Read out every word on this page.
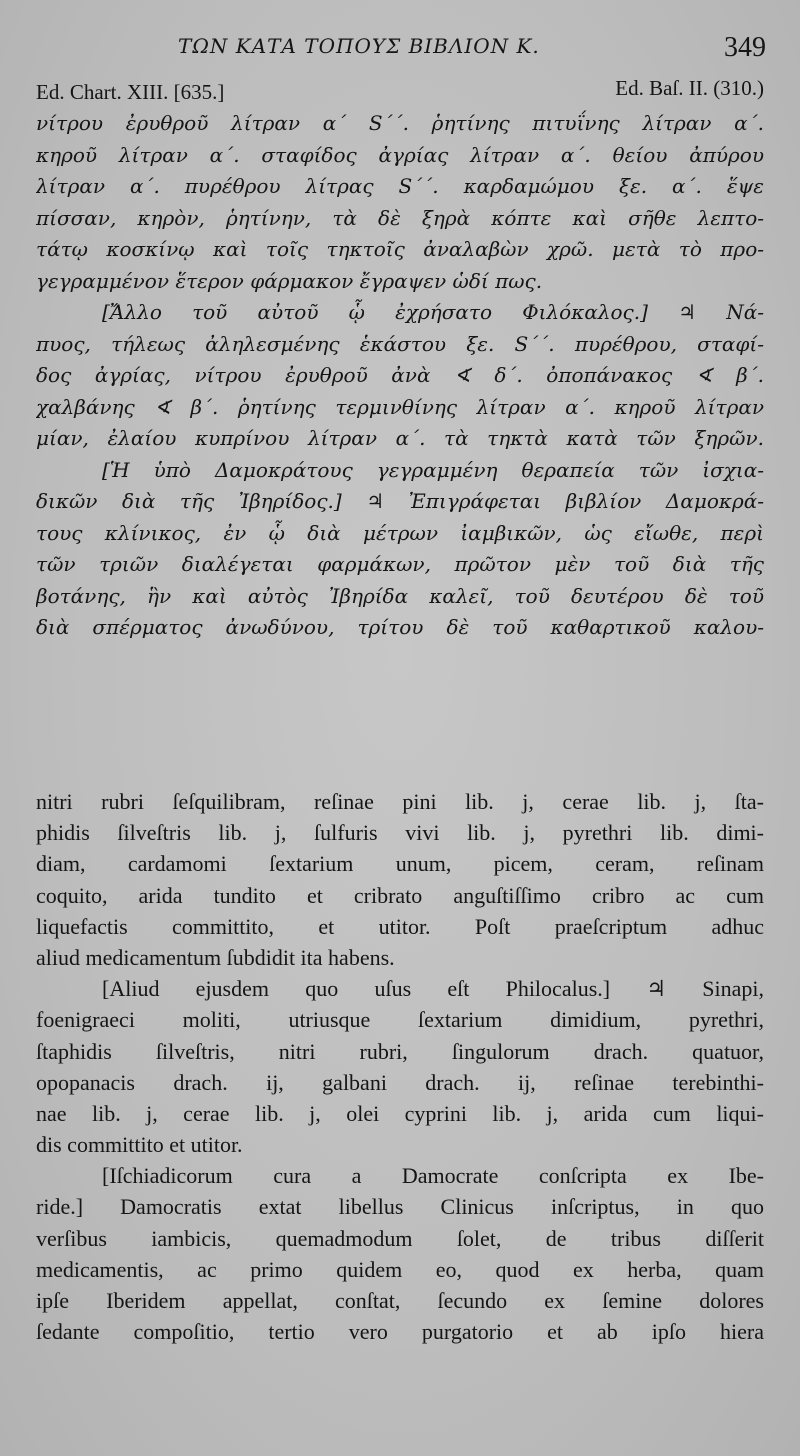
ΤΩΝ ΚΑΤΑ ΤΟΠΟΥΣ ΒΙΒΛΙΟΝ Κ.	349
Ed. Chart. XIII. [635.]	Ed. Baſ. II. (310.)
νίτρου ἐρυθροῦ λίτραν α΄ S΄΄. ῥητίνης πιτυΐνης λίτραν α΄.
κηροῦ λίτραν α΄. σταφίδος ἀγρίας λίτραν α΄. θείου ἀπύρου
λίτραν α΄. πυρέθρου λίτρας S΄΄. καρδαμώμου ξε. α΄. ἕψε
πίσσαν, κηρὸν, ῥητίνην, τὰ δὲ ξηρὰ κόπτε καὶ σῆθε λεπτο-
τάτῳ κοσκίνῳ καὶ τοῖς τηκτοῖς ἀναλαβὼν χρῶ. μετὰ τὸ προ-
γεγραμμένον ἕτερον φάρμακον ἔγραψεν ὡδί πως.
[Ἄλλο τοῦ αὐτοῦ ᾧ ἐχρήσατο Φιλόκαλος.] ♃ Νά-
πυος, τήλεως ἀληλεσμένης ἑκάστου ξε. S΄΄. πυρέθρου, σταφί-
δος ἀγρίας, νίτρου ἐρυθροῦ ἀνὰ ∢ δ΄. ὀποπάνακος ∢ β΄.
χαλβάνης ∢ β΄. ῥητίνης τερμινθίνης λίτραν α΄. κηροῦ λίτραν
μίαν, ἐλαίου κυπρίνου λίτραν α΄. τὰ τηκτὰ κατὰ τῶν ξηρῶν.
[Ἡ ὑπὸ Δαμοκράτους γεγραμμένη θεραπεία τῶν ἰσχια-
δικῶν διὰ τῆς Ἰβηρίδος.] ♃ Ἐπιγράφεται βιβλίον Δαμοκρά-
τους κλίνικος, ἐν ᾧ διὰ μέτρων ἰαμβικῶν, ὡς εἴωθε, περὶ
τῶν τριῶν διαλέγεται φαρμάκων, πρῶτον μὲν τοῦ διὰ τῆς
βοτάνης, ἣν καὶ αὐτὸς Ἰβηρίδα καλεῖ, τοῦ δευτέρου δὲ τοῦ
διὰ σπέρματος ἀνωδύνου, τρίτου δὲ τοῦ καθαρτικοῦ καλου-
nitri rubri ſeſquilibram, reſinae pini lib. j, cerae lib. j, ſta-
phidis ſilveſtris lib. j, ſulfuris vivi lib. j, pyrethri lib. dimi-
diam, cardamomi ſextarium unum, picem, ceram, reſinam
coquito, arida tundito et cribrato anguſtiſſimo cribro ac cum
liquefactis committito, et utitor. Poſt praeſcriptum adhuc
aliud medicamentum ſubdidit ita habens.
[Aliud ejusdem quo uſus eſt Philocalus.] ♃ Sinapi,
foenigraeci moliti, utriusque ſextarium dimidium, pyrethri,
ſtaphidis ſilveſtris, nitri rubri, ſingulorum drach. quatuor,
opopanacis drach. ij, galbani drach. ij, reſinae terebinthi-
nae lib. j, cerae lib. j, olei cyprini lib. j, arida cum liqui-
dis committito et utitor.
[Iſchiadicorum cura a Damocrate conſcripta ex Ibe-
ride.] Damocratis extat libellus Clinicus inſcriptus, in quo
verſibus iambicis, quemadmodum ſolet, de tribus diſſerit
medicamentis, ac primo quidem eo, quod ex herba, quam
ipſe Iberidem appellat, conſtat, ſecundo ex ſemine dolores
ſedante compoſitio, tertio vero purgatorio et ab ipſo hiera
